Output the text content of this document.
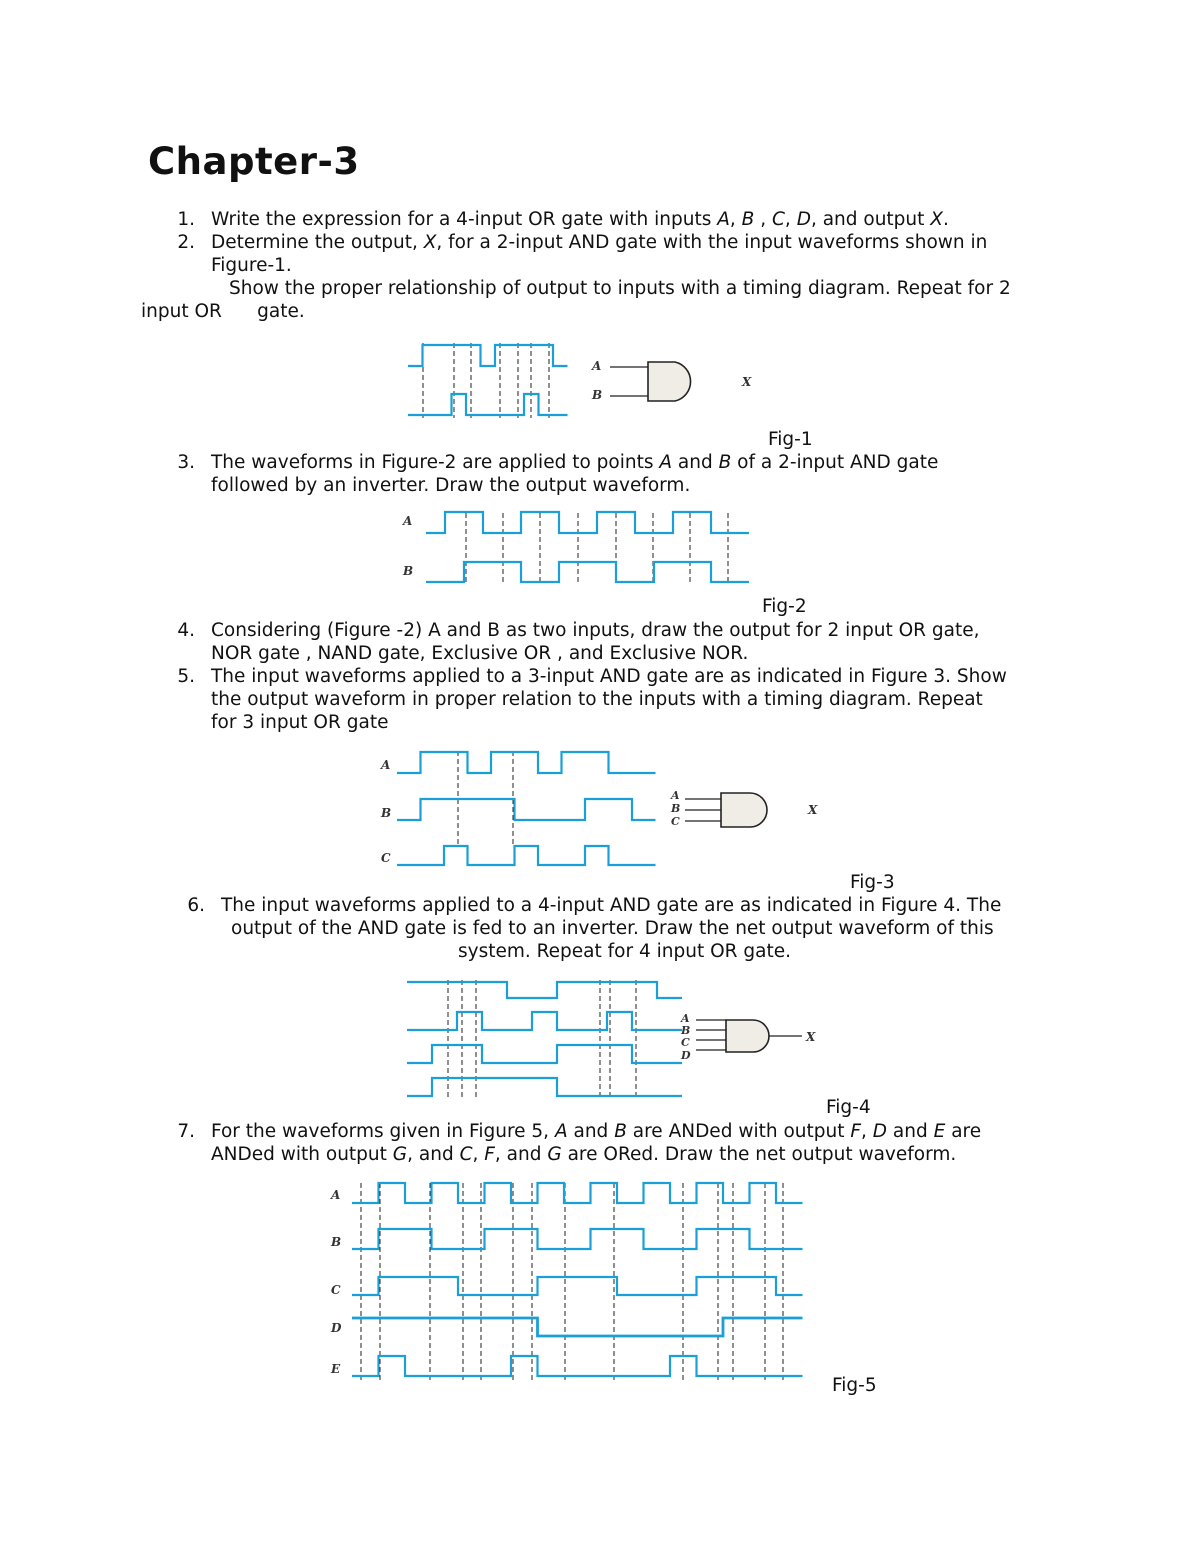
Chapter-3
1. Write the expression for a 4-input OR gate with inputs A, B , C, D, and output X.
2. Determine the output, X, for a 2-input AND gate with the input waveforms shown in
Figure-1.
Show the proper relationship of output to inputs with a timing diagram. Repeat for 2
input OR      gate.
A
B
X
Fig-1
3. The waveforms in Figure-2 are applied to points A and B of a 2-input AND gate
followed by an inverter. Draw the output waveform.
A
B
Fig-2
4. Considering (Figure -2) A and B as two inputs, draw the output for 2 input OR gate,
NOR gate , NAND gate, Exclusive OR , and Exclusive NOR.
5. The input waveforms applied to a 3-input AND gate are as indicated in Figure 3. Show
the output waveform in proper relation to the inputs with a timing diagram. Repeat
for 3 input OR gate
A
B
C
A
B
C
X
Fig-3
6. The input waveforms applied to a 4-input AND gate are as indicated in Figure 4. The
output of the AND gate is fed to an inverter. Draw the net output waveform of this
system. Repeat for 4 input OR gate.
A
B
C
D
X
Fig-4
7. For the waveforms given in Figure 5, A and B are ANDed with output F, D and E are
ANDed with output G, and C, F, and G are ORed. Draw the net output waveform.
A
B
C
D
E
Fig-5
